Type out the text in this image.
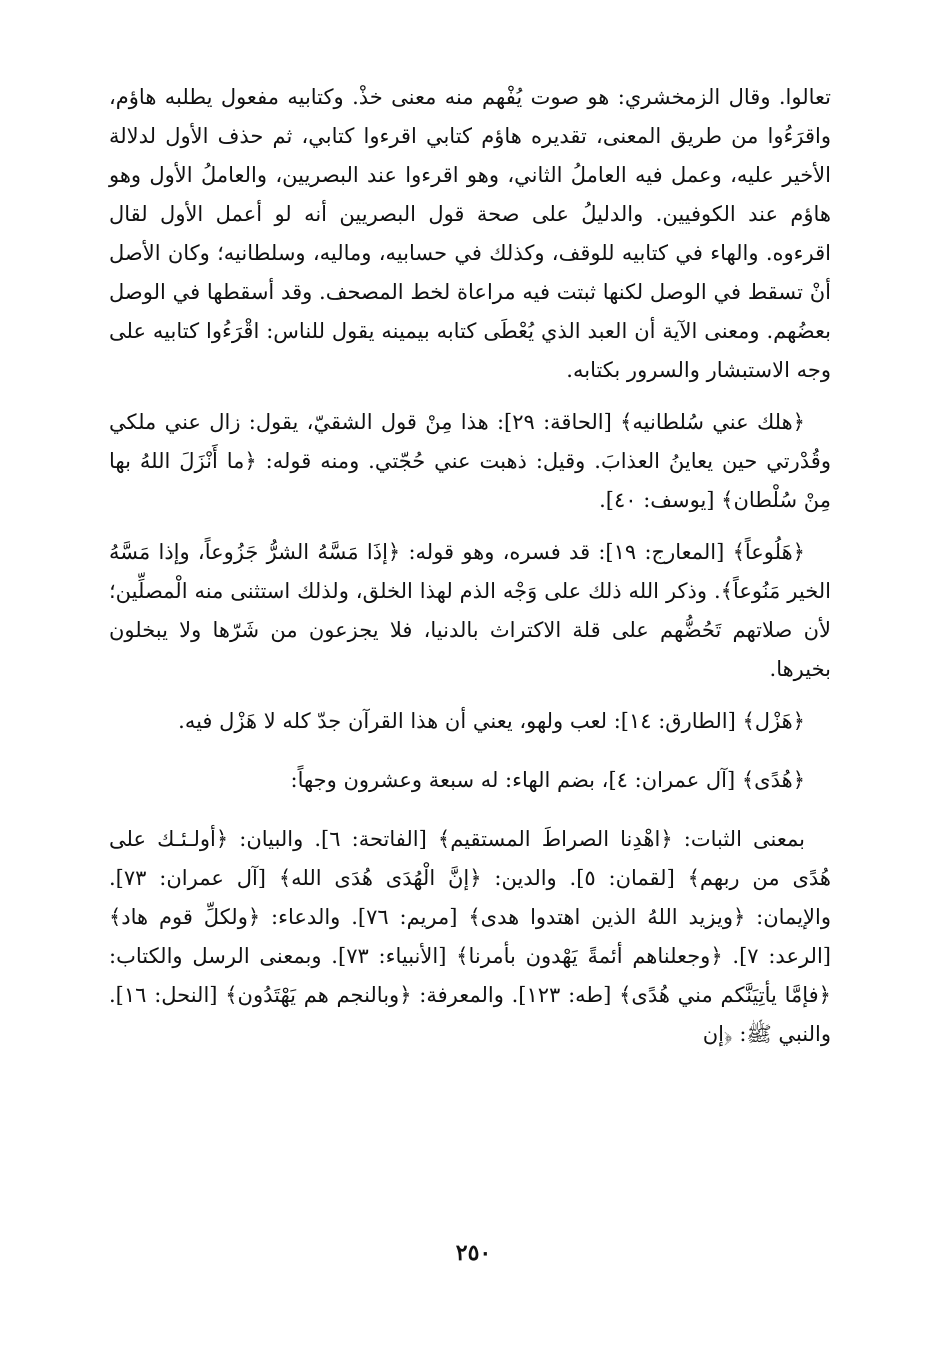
تعالوا. وقال الزمخشري: هو صوت يُفْهم منه معنى خذْ. وكتابيه مفعول يطلبه هاؤم، واقرَءُوا من طريق المعنى، تقديره هاؤم كتابي اقرءوا كتابي، ثم حذف الأول لدلالة الأخير عليه، وعمل فيه العاملُ الثاني، وهو اقرءوا عند البصريين، والعاملُ الأول وهو هاؤم عند الكوفيين. والدليلُ على صحة قول البصريين أنه لو أعمل الأول لقال اقرءوه. والهاء في كتابيه للوقف، وكذلك في حسابيه، وماليه، وسلطانيه؛ وكان الأصل أنْ تسقط في الوصل لكنها ثبتت فيه مراعاة لخط المصحف. وقد أسقطها في الوصل بعضُهم. ومعنى الآية أن العبد الذي يُعْطَى كتابه بيمينه يقول للناس: اقْرَءُوا كتابيه على وجه الاستبشار والسرور بكتابه.

﴿هلك عني سُلطانيه﴾ [الحاقة: ٢٩]: هذا مِنْ قول الشقيّ، يقول: زال عني ملكي وقُدْرتي حين يعاينُ العذابَ. وقيل: ذهبت عني حُجّتي. ومنه قوله: ﴿ما أَنْزَلَ اللهُ بها مِنْ سُلْطان﴾ [يوسف: ٤٠].

﴿هَلُوعاً﴾ [المعارج: ١٩]: قد فسره، وهو قوله: ﴿إذَا مَسَّهُ الشرُّ جَزُوعاً، وإذا مَسَّهُ الخير مَنُوعاً﴾. وذكر الله ذلك على وَجْه الذم لهذا الخلق، ولذلك استثنى منه الْمصلِّين؛ لأن صلاتهم تَحُضُّهم على قلة الاكتراث بالدنيا، فلا يجزعون من شَرّها ولا يبخلون بخيرها.

﴿هَزْل﴾ [الطارق: ١٤]: لعب ولهو، يعني أن هذا القرآن جدّ كله لا هَزْل فيه.

﴿هُدًى﴾ [آل عمران: ٤]، بضم الهاء: له سبعة وعشرون وجهاً:

بمعنى الثبات: ﴿اهْدِنا الصراطَ المستقيم﴾ [الفاتحة: ٦]. والبيان: ﴿أولـئـك على هُدًى من ربهم﴾ [لقمان: ٥]. والدين: ﴿إنَّ الْهُدَى هُدَى الله﴾ [آل عمران: ٧٣]. والإيمان: ﴿ويزيد اللهُ الذين اهتدوا هدى﴾ [مريم: ٧٦]. والدعاء: ﴿ولكلِّ قوم هاد﴾ [الرعد: ٧]. ﴿وجعلناهم أئمةً يَهْدون بأمرنا﴾ [الأنبياء: ٧٣]. وبمعنى الرسل والكتاب: ﴿فإمَّا يأتِيَنَّكم مني هُدًى﴾ [طه: ١٢٣]. والمعرفة: ﴿وبالنجم هم يَهْتَدُون﴾ [النحل: ١٦]. والنبي ﷺ: ﴿إن

٢٥٠
